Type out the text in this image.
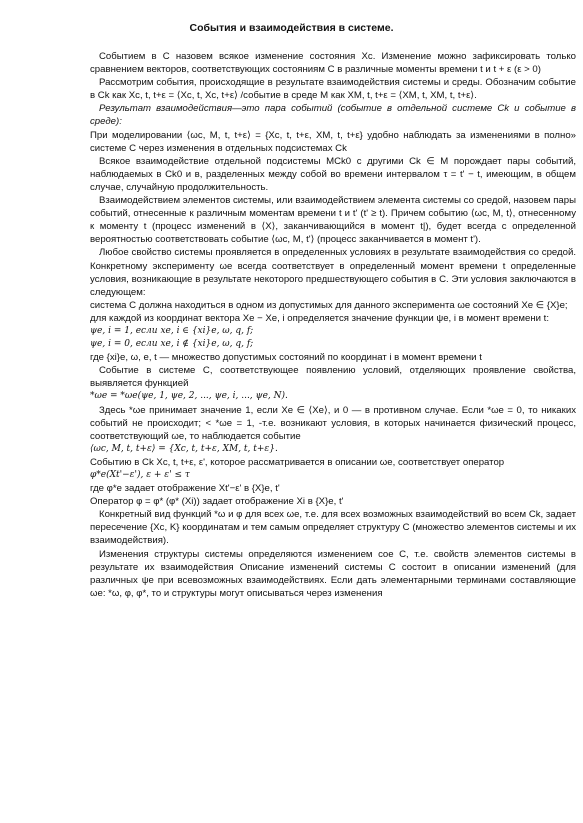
События и взаимодействия в системе.

Событием в С назовем всякое изменение состояния Xc. Изменение можно зафиксировать только сравнением векторов, соответствующих состояниям С в различные моменты времени t и t + ε (ε > 0)

Рассмотрим события, происходящие в результате взаимодействия системы и среды. Обозначим событие в Ck как Xc, t, t+ε = ⟨Xc, t, Xc, t+ε⟩ /событие в среде M как XM, t, t+ε = ⟨XM, t, XM, t, t+ε⟩.

Результат взаимодействия—это пара событий (событие в отдельной системе Ck и событие в среде):

При моделировании ⟨ωc, M, t, t+ε⟩ = {Xc, t, t+ε, XM, t, t+ε} удобно наблюдать за изменениями в полно» системе С через изменения в отдельных подсистемах Ck

Всякое взаимодействие отдельной подсистемы MCk0 с другими Ck ∈ M порождает пары событий, наблюдаемых в Ck0 и в, разделенных между собой во времени интервалом τ = t' − t, имеющим, в общем случае, случайную продолжительность.

Взаимодействием элементов системы, или взаимодействием элемента системы со средой, назовем пары событий, отнесенные к различным моментам времени t и t' (t' ≥ t). Причем событию ⟨ωc, M, t⟩, отнесенному к моменту t (процесс изменений в ⟨X⟩, заканчивающийся в момент t|), будет всегда с определенной вероятностью соответствовать событие ⟨ωc, M, t'⟩ (процесс заканчивается в момент t').

Любое свойство системы проявляется в определенных условиях в результате взаимодействия со средой. Конкретному эксперименту ωe всегда соответствует в определенный момент времени t определенные условия, возникающие в результате некоторого предшествующего события в С. Эти условия заключаются в следующем:

система С должна находиться в одном из допустимых для данного эксперимента ωe состояний Xe ∈ {X}e;

для каждой из координат вектора Xe − Xe, i определяется значение функции ψe, i в момент времени t:

ψe, i = 1, если xe, i ∈ {xi}e, ω, q, f;

ψe, i = 0, если xe, i ∉ {xi}e, ω, q, f;

где {xi}e, ω, e, t — множество допустимых состояний по координат i в момент времени t

Событие в системе С, соответствующее появлению условий, отделяющих проявление свойства, выявляется функцией

*ωe = *ωe(ψe, 1, ψe, 2, ..., ψe, i, ..., ψe, N).

Здесь *ωe принимает значение 1, если Xe ∈ ⟨Xe⟩, и 0 — в противном случае. Если *ωe = 0, то никаких событий не происходит; < *ωe = 1, -т.е. возникают условия, в которых начинается физический процесс, соответствующий ωe, то наблюдается событие

⟨ωc, M, t, t+ε⟩ = {Xc, t, t+ε, XM, t, t+ε}.

Событию в Ck Xc, t, t+ε, ε', которое рассматривается в описании ωe, соответствует оператор

φ*e(Xt'−ε'), ε + ε' ≤ τ

где φ*e задает отображение Xt'−ε' в {X}e, t'

Оператор φ = φ* (φ* (Xi)) задает отображение Xi в {X}e, t'

Конкретный вид функций *ω и φ для всех ωe, т.е. для всех возможных взаимодействий во всем Ck, задает пересечение {Xc, K} координатам и тем самым определяет структуру С (множество элементов системы и их взаимодействия).

Изменения структуры системы определяются изменением coe С, т.е. свойств элементов системы в результате их взаимодействия Описание изменений системы С состоит в описании изменений (для различных ψe при всевозможных взаимодействиях. Если дать элементарными терминами составляющие ωe: *ω, φ, φ*, то и структуры могут описываться через изменения
